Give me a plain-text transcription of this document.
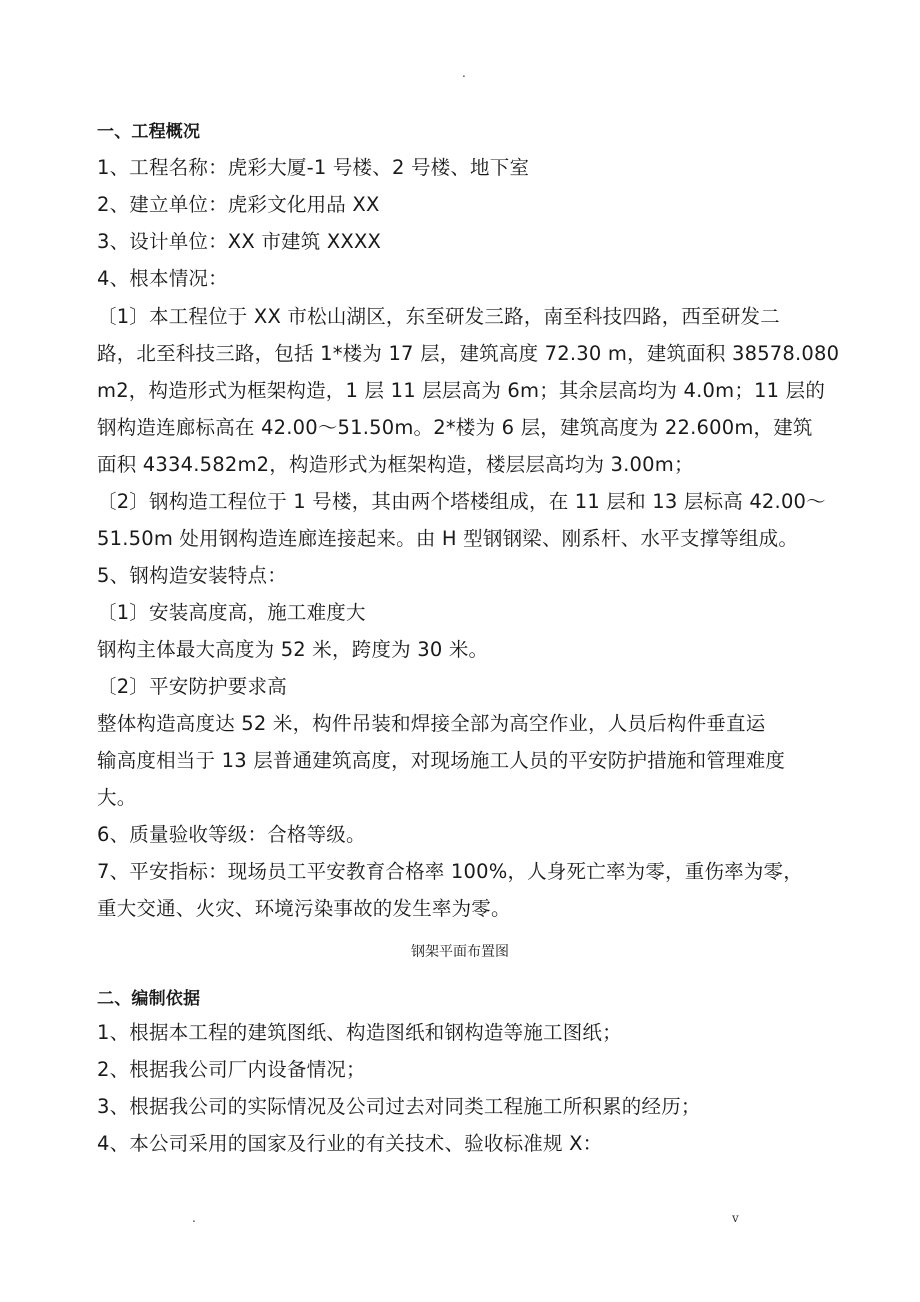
.
一、工程概况
1、工程名称：虎彩大厦-1 号楼、2 号楼、地下室
2、建立单位：虎彩文化用品 XX
3、设计单位：XX 市建筑 XXXX
4、根本情况：
〔1〕本工程位于 XX 市松山湖区，东至研发三路，南至科技四路，西至研发二
路，北至科技三路，包括 1*楼为 17 层，建筑高度 72.30 m，建筑面积 38578.080
m2，构造形式为框架构造，1 层 11 层层高为 6m；其余层高均为 4.0m；11 层的
钢构造连廊标高在 42.00～51.50m。2*楼为 6 层，建筑高度为 22.600m，建筑
面积 4334.582m2，构造形式为框架构造，楼层层高均为 3.00m；
〔2〕钢构造工程位于 1 号楼，其由两个塔楼组成，在 11 层和 13 层标高 42.00～
51.50m 处用钢构造连廊连接起来。由 H 型钢钢梁、刚系杆、水平支撑等组成。
5、钢构造安装特点：
〔1〕安装高度高，施工难度大
钢构主体最大高度为 52 米，跨度为 30 米。
〔2〕平安防护要求高
整体构造高度达 52 米，构件吊装和焊接全部为高空作业，人员后构件垂直运
输高度相当于 13 层普通建筑高度，对现场施工人员的平安防护措施和管理难度
大。
6、质量验收等级：合格等级。
7、平安指标：现场员工平安教育合格率 100%，人身死亡率为零，重伤率为零，
重大交通、火灾、环境污染事故的发生率为零。
钢架平面布置图
二、编制依据
1、根据本工程的建筑图纸、构造图纸和钢构造等施工图纸；
2、根据我公司厂内设备情况；
3、根据我公司的实际情况及公司过去对同类工程施工所积累的经历；
4、本公司采用的国家及行业的有关技术、验收标准规 X：
.	v
